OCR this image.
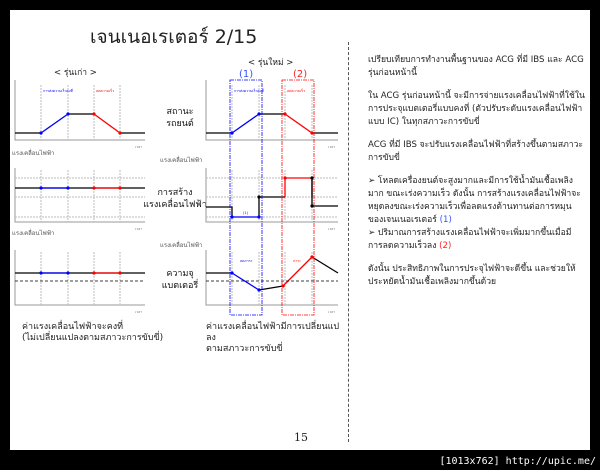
เจนเนอเรเตอร์ 2/15
< รุ่นเก่า >
< รุ่นใหม่ >
(1)	(2)
สถานะ
รถยนต์
การสร้าง
แรงเคลื่อนไฟฟ้า
ความจุ
แบตเตอรี่
ค่าแรงเคลื่อนไฟฟ้าจะคงที่
(ไม่เปลี่ยนแปลงตามสภาวะการขับขี่)
ค่าแรงเคลื่อนไฟฟ้ามีการเปลี่ยนแปลง
ตามสภาวะการขับขี่
การส่งความเร็วคงที่	ลดความเร็ว	การส่งความเร็วคงที่	ลดความเร็ว
แรงเคลื่อนไฟฟ้า
แรงเคลื่อนไฟฟ้า
แรงเคลื่อนไฟฟ้า
แรงเคลื่อนไฟฟ้า
เวลา
เวลา
เวลา
เวลา
เวลา
เวลา
(1)
ลดภาระ	ภาระ

เปรียบเทียบการทำงานพื้นฐานของ ACG ที่มี IBS และ ACG รุ่นก่อนหน้านี้

ใน ACG รุ่นก่อนหน้านี้ จะมีการจ่ายแรงเคลื่อนไฟฟ้าที่ใช้ในการประจุแบตเตอรี่แบบคงที่ (ตัวปรับระดับแรงเคลื่อนไฟฟ้าแบบ IC) ในทุกสภาวะการขับขี่

ACG ที่มี IBS จะปรับแรงเคลื่อนไฟฟ้าที่สร้างขึ้นตามสภาวะการขับขี่

➢ โหลดเครื่องยนต์จะสูงมากและมีการใช้น้ำมันเชื้อเพลิงมาก ขณะเร่งความเร็ว ดังนั้น การสร้างแรงเคลื่อนไฟฟ้าจะหยุดลงขณะเร่งความเร็วเพื่อลดแรงต้านทานต่อการหมุนของเจนเนอเรเตอร์ (1)

➢ ปริมาณการสร้างแรงเคลื่อนไฟฟ้าจะเพิ่มมากขึ้นเมื่อมีการลดความเร็วลง (2)

ดังนั้น ประสิทธิภาพในการประจุไฟฟ้าจะดีขึ้น และช่วยให้ประหยัดน้ำมันเชื้อเพลิงมากขึ้นด้วย

15
[1013x762] http://upic.me/
